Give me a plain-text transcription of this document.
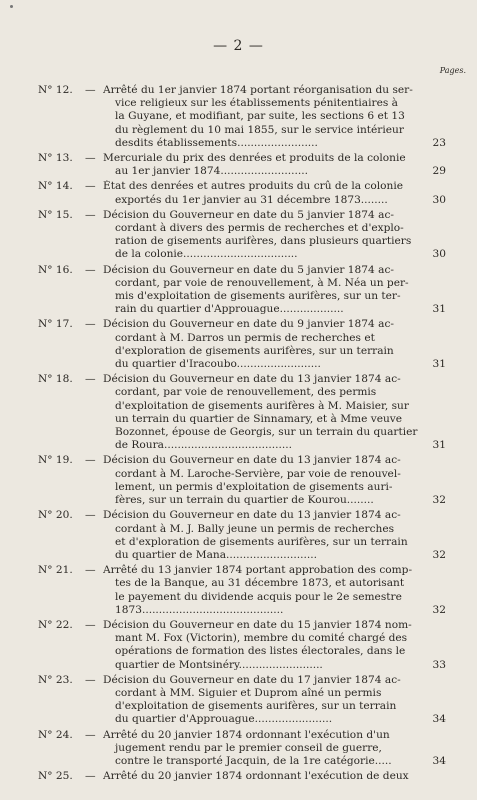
— 2 —
Pages.
N° 12. — Arrêté du 1er janvier 1874 portant réorganisation du ser-
vice religieux sur les établissements pénitentiaires à
la Guyane, et modifiant, par suite, les sections 6 et 13
du règlement du 10 mai 1855, sur le service intérieur
desdits établissements........................	23
N° 13. — Mercuriale du prix des denrées et produits de la colonie
au 1er janvier 1874..........................	29
N° 14. — État des denrées et autres produits du crû de la colonie
exportés du 1er janvier au 31 décembre 1873........	30
N° 15. — Décision du Gouverneur en date du 5 janvier 1874 ac-
cordant à divers des permis de recherches et d'explo-
ration de gisements aurifères, dans plusieurs quartiers
de la colonie..................................	30
N° 16. — Décision du Gouverneur en date du 5 janvier 1874 ac-
cordant, par voie de renouvellement, à M. Néa un per-
mis d'exploitation de gisements aurifères, sur un ter-
rain du quartier d'Approuague...................	31
N° 17. — Décision du Gouverneur en date du 9 janvier 1874 ac-
cordant à M. Darros un permis de recherches et
d'exploration de gisements aurifères, sur un terrain
du quartier d'Iracoubo.........................	31
N° 18. — Décision du Gouverneur en date du 13 janvier 1874 ac-
cordant, par voie de renouvellement, des permis
d'exploitation de gisements aurifères à M. Maisier, sur
un terrain du quartier de Sinnamary, et à Mme veuve
Bozonnet, épouse de Georgis, sur un terrain du quartier
de Roura......................................	31
N° 19. — Décision du Gouverneur en date du 13 janvier 1874 ac-
cordant à M. Laroche-Servière, par voie de renouvel-
lement, un permis d'exploitation de gisements auri-
fères, sur un terrain du quartier de Kourou........	32
N° 20. — Décision du Gouverneur en date du 13 janvier 1874 ac-
cordant à M. J. Bally jeune un permis de recherches
et d'exploration de gisements aurifères, sur un terrain
du quartier de Mana...........................	32
N° 21. — Arrêté du 13 janvier 1874 portant approbation des comp-
tes de la Banque, au 31 décembre 1873, et autorisant
le payement du dividende acquis pour le 2e semestre
1873..........................................	32
N° 22. — Décision du Gouverneur en date du 15 janvier 1874 nom-
mant M. Fox (Victorin), membre du comité chargé des
opérations de formation des listes électorales, dans le
quartier de Montsinéry.........................	33
N° 23. — Décision du Gouverneur en date du 17 janvier 1874 ac-
cordant à MM. Siguier et Duprom aîné un permis
d'exploitation de gisements aurifères, sur un terrain
du quartier d'Approuague.......................	34
N° 24. — Arrêté du 20 janvier 1874 ordonnant l'exécution d'un
jugement rendu par le premier conseil de guerre,
contre le transporté Jacquin, de la 1re catégorie.....	34
N° 25. — Arrêté du 20 janvier 1874 ordonnant l'exécution de deux
